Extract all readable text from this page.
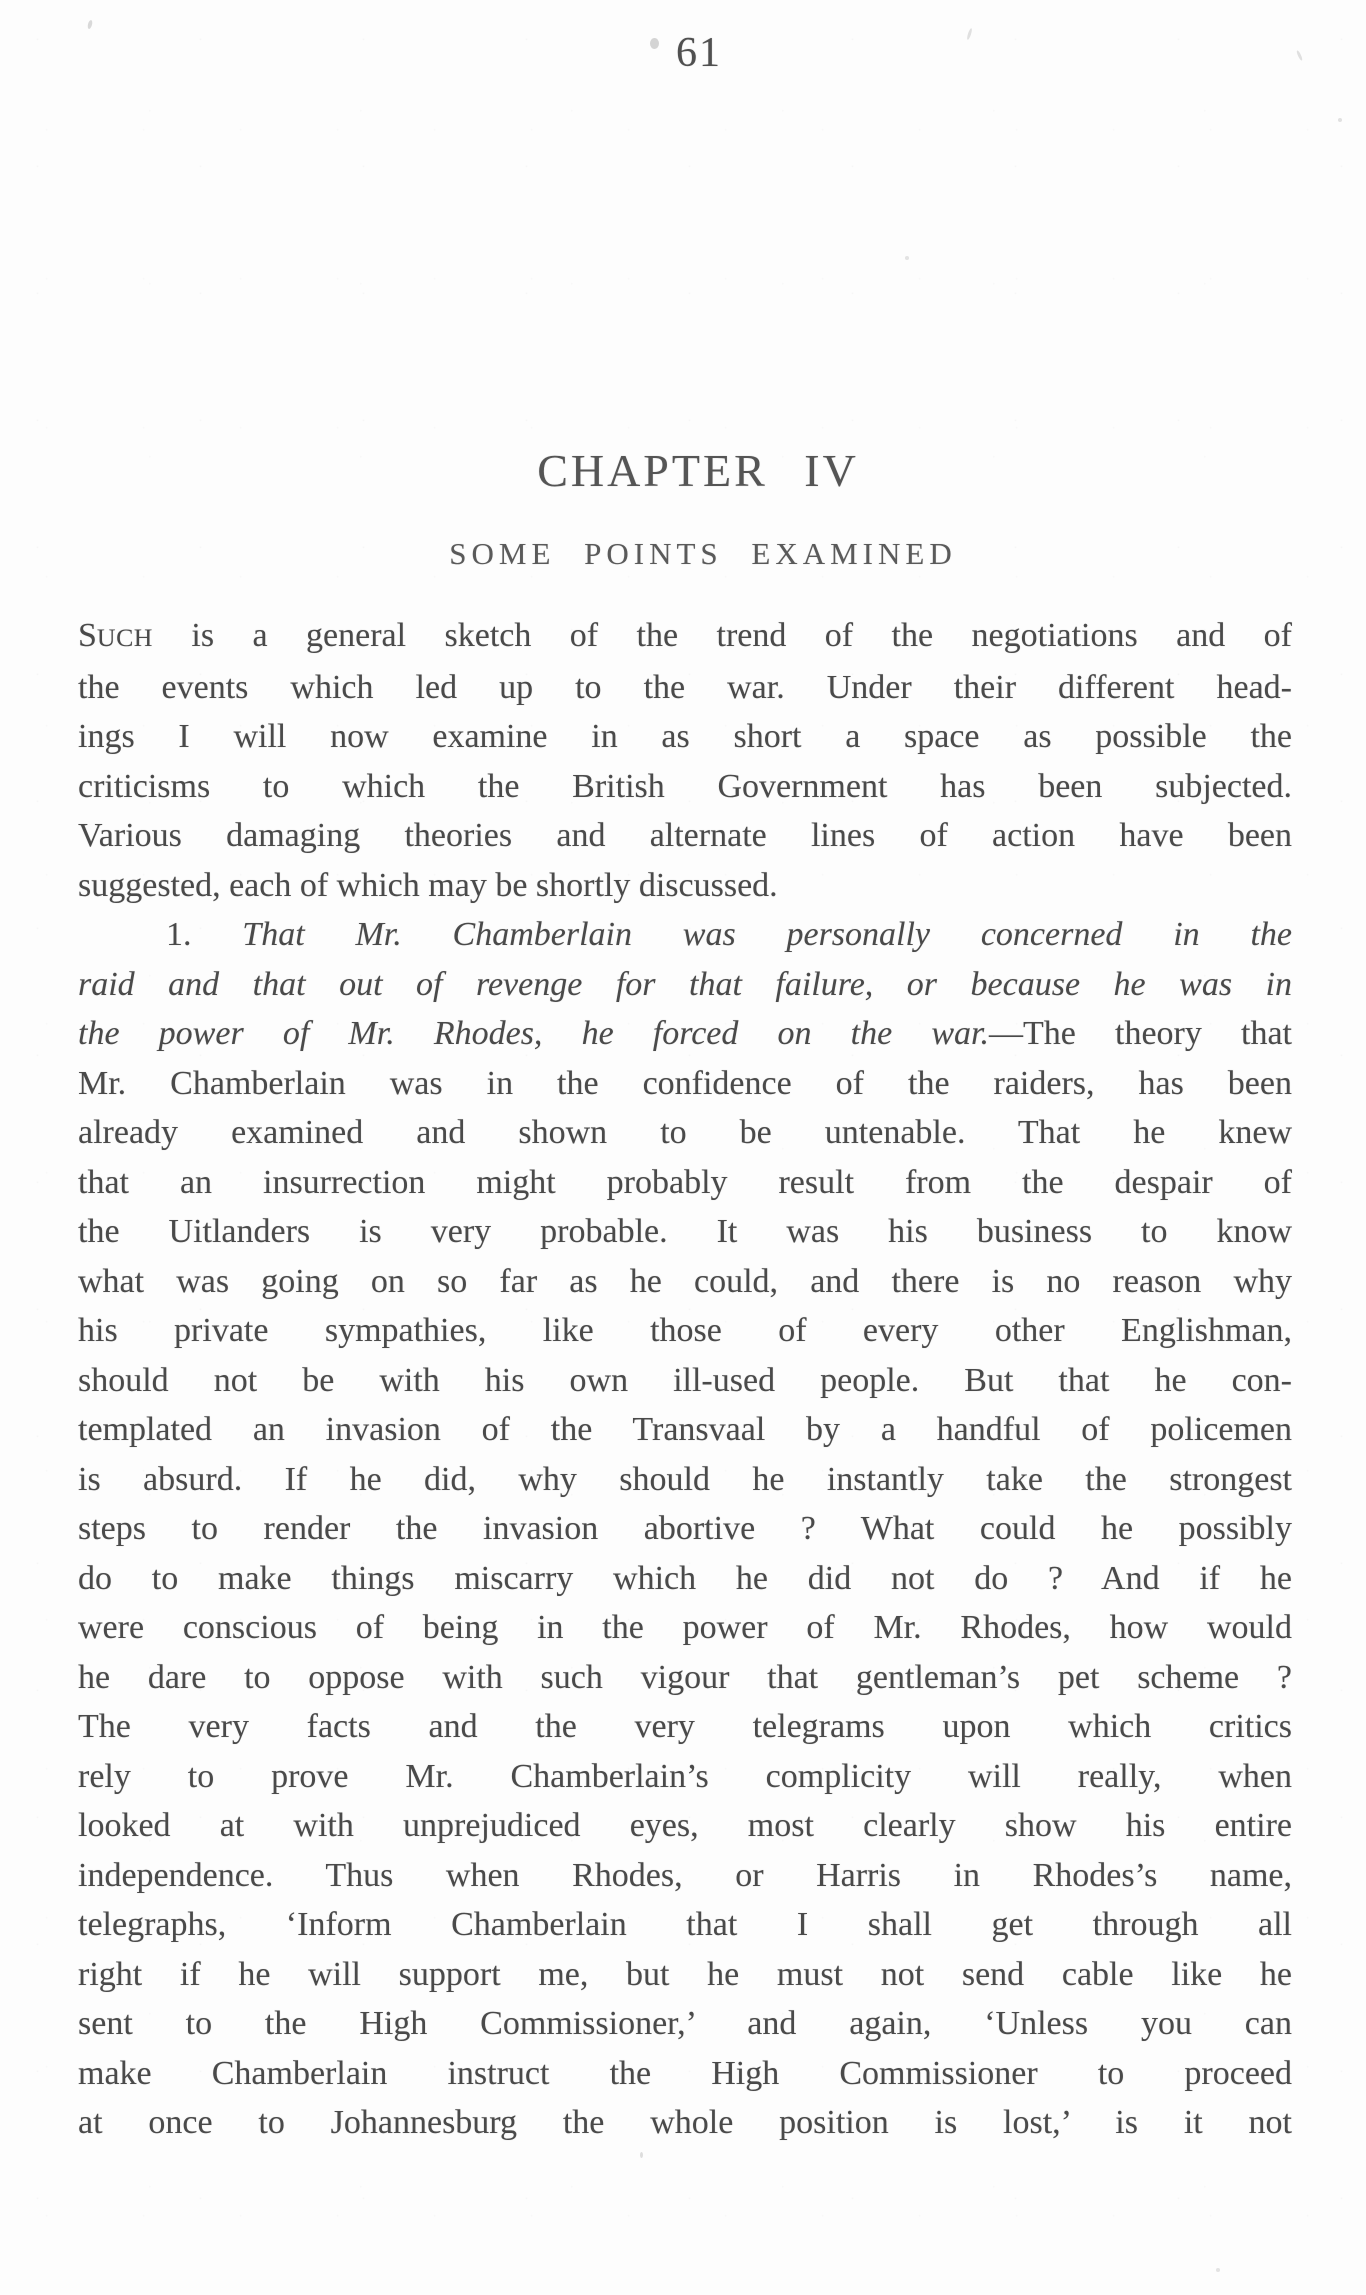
61
CHAPTER IV
SOME POINTS EXAMINED
SUCH is a general sketch of the trend of the negotiations and of
the events which led up to the war. Under their different head-
ings I will now examine in as short a space as possible the
criticisms to which the British Government has been subjected.
Various damaging theories and alternate lines of action have been
suggested, each of which may be shortly discussed.
1. That Mr. Chamberlain was personally concerned in the
raid and that out of revenge for that failure, or because he was in
the power of Mr. Rhodes, he forced on the war.—The theory that
Mr. Chamberlain was in the confidence of the raiders, has been
already examined and shown to be untenable. That he knew
that an insurrection might probably result from the despair of
the Uitlanders is very probable. It was his business to know
what was going on so far as he could, and there is no reason why
his private sympathies, like those of every other Englishman,
should not be with his own ill-used people. But that he con-
templated an invasion of the Transvaal by a handful of policemen
is absurd. If he did, why should he instantly take the strongest
steps to render the invasion abortive ? What could he possibly
do to make things miscarry which he did not do ? And if he
were conscious of being in the power of Mr. Rhodes, how would
he dare to oppose with such vigour that gentleman’s pet scheme ?
The very facts and the very telegrams upon which critics
rely to prove Mr. Chamberlain’s complicity will really, when
looked at with unprejudiced eyes, most clearly show his entire
independence. Thus when Rhodes, or Harris in Rhodes’s name,
telegraphs, ‘Inform Chamberlain that I shall get through all
right if he will support me, but he must not send cable like he
sent to the High Commissioner,’ and again, ‘Unless you can
make Chamberlain instruct the High Commissioner to proceed
at once to Johannesburg the whole position is lost,’ is it not
